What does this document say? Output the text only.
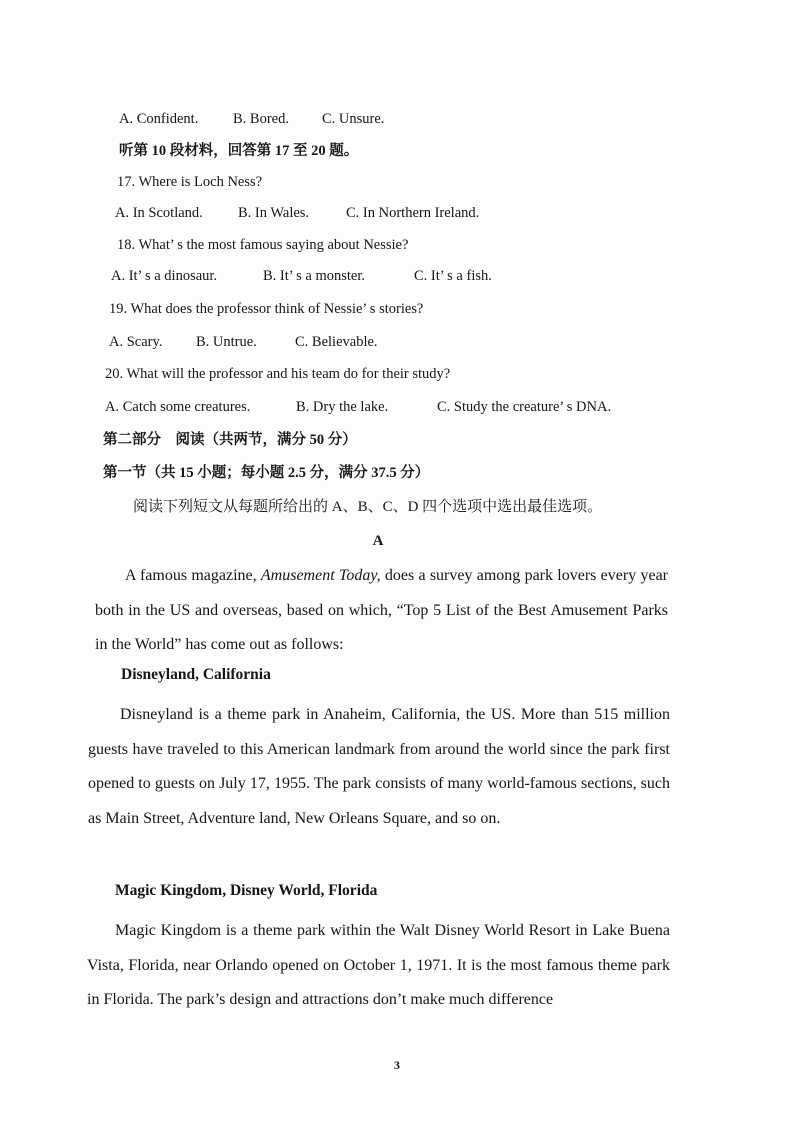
A. Confident. B. Bored. C. Unsure.
听第 10 段材料，回答第 17 至 20 题。
17. Where is Loch Ness?
A. In Scotland. B. In Wales.	C. In Northern Ireland.
18. What’ s the most famous saying about Nessie?
A. It’ s a dinosaur.	B. It’ s a monster.	C. It’ s a fish.
19. What does the professor think of Nessie’ s stories?
A. Scary. B. Untrue.	C. Believable.
20. What will the professor and his team do for their study?
A. Catch some creatures.	B. Dry the lake.	C. Study the creature’ s DNA.
第二部分　阅读（共两节，满分 50 分）
第一节（共 15 小题；每小题 2.5 分，满分 37.5 分）
阅读下列短文从每题所给出的 A、B、C、D 四个选项中选出最佳选项。
A
A famous magazine, Amusement Today, does a survey among park lovers every year both in the US and overseas, based on which, “Top 5 List of the Best Amusement Parks in the World” has come out as follows:
Disneyland, California
Disneyland is a theme park in Anaheim, California, the US. More than 515 million guests have traveled to this American landmark from around the world since the park first opened to guests on July 17, 1955. The park consists of many world-famous sections, such as Main Street, Adventure land, New Orleans Square, and so on.
Magic Kingdom, Disney World, Florida
Magic Kingdom is a theme park within the Walt Disney World Resort in Lake Buena Vista, Florida, near Orlando opened on October 1, 1971. It is the most famous theme park in Florida. The park’s design and attractions don’t make much difference
3
